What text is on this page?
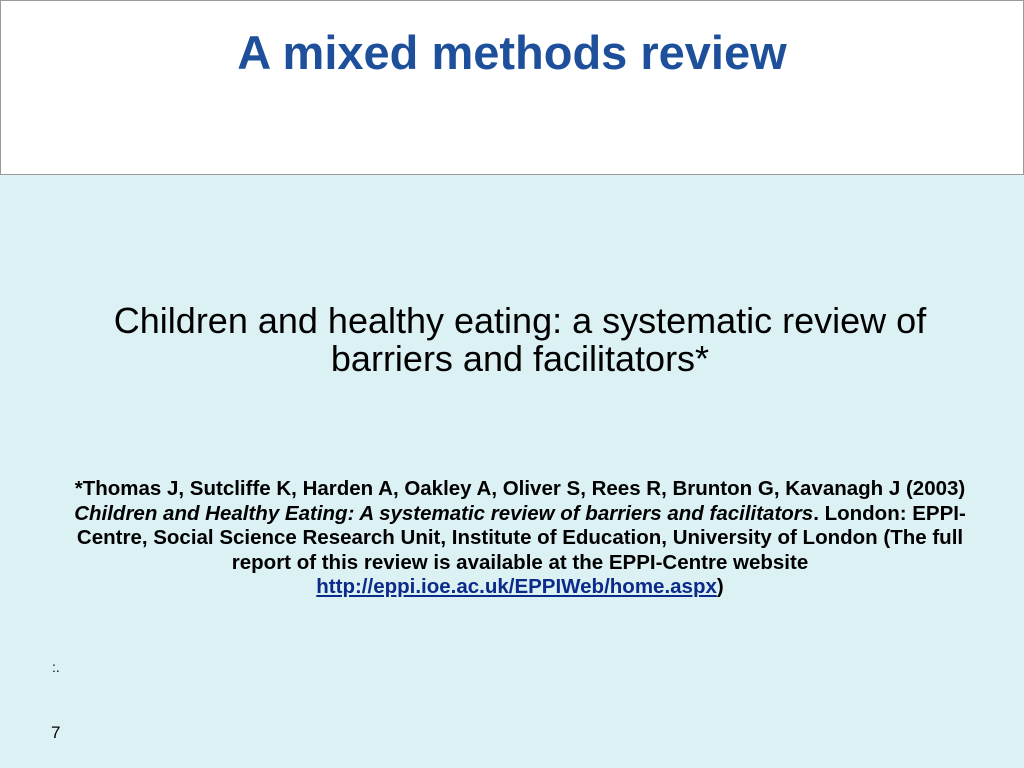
A mixed methods review

Children and healthy eating: a systematic review of barriers and facilitators*

*Thomas J, Sutcliffe K, Harden A, Oakley A, Oliver S, Rees R, Brunton G, Kavanagh J (2003) Children and Healthy Eating: A systematic review of barriers and facilitators. London: EPPI-Centre, Social Science Research Unit, Institute of Education, University of London (The full report of this review is available at the EPPI-Centre website http://eppi.ioe.ac.uk/EPPIWeb/home.aspx)

:.
7
